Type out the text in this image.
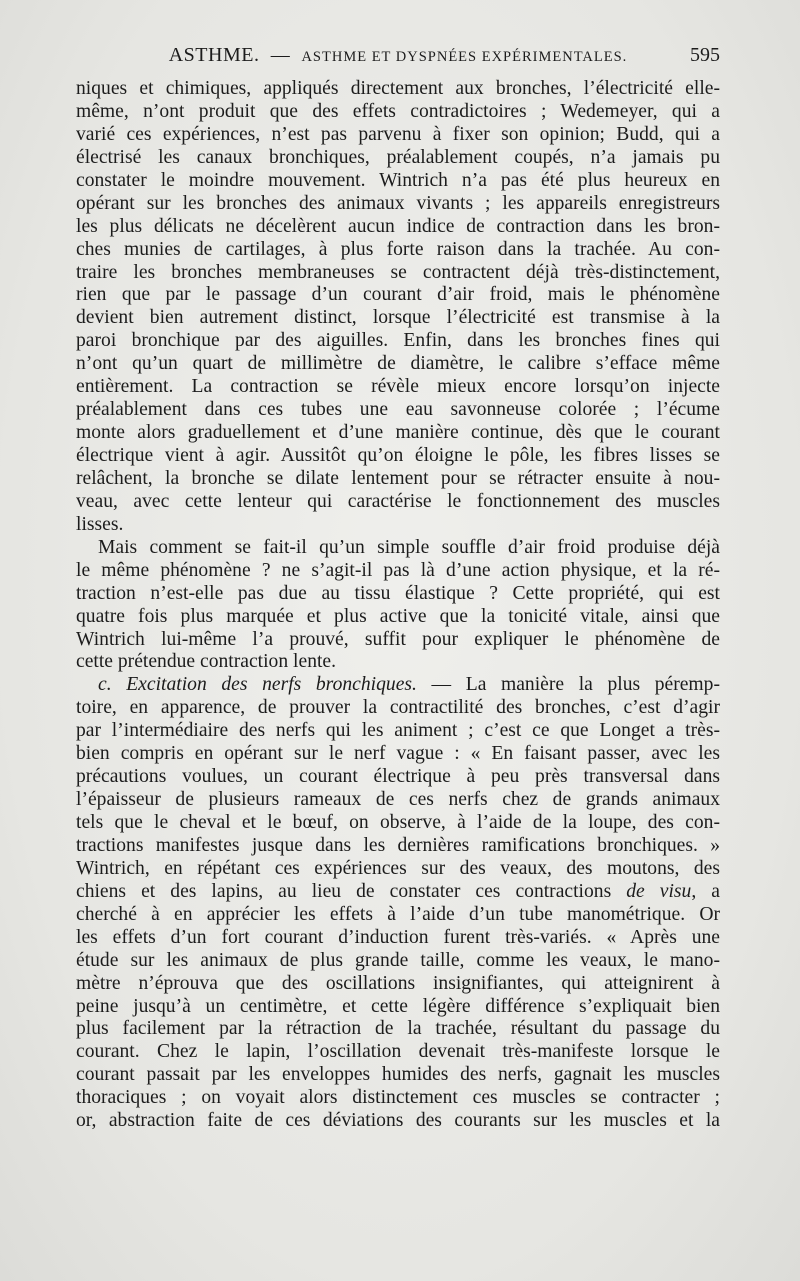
ASTHME. — ASTHME ET DYSPNÉES EXPÉRIMENTALES.	595
niques et chimiques, appliqués directement aux bronches, l’électricité elle-
même, n’ont produit que des effets contradictoires ; Wedemeyer, qui a
varié ces expériences, n’est pas parvenu à fixer son opinion; Budd, qui a
électrisé les canaux bronchiques, préalablement coupés, n’a jamais pu
constater le moindre mouvement. Wintrich n’a pas été plus heureux en
opérant sur les bronches des animaux vivants ; les appareils enregistreurs
les plus délicats ne décelèrent aucun indice de contraction dans les bron-
ches munies de cartilages, à plus forte raison dans la trachée. Au con-
traire les bronches membraneuses se contractent déjà très-distinctement,
rien que par le passage d’un courant d’air froid, mais le phénomène
devient bien autrement distinct, lorsque l’électricité est transmise à la
paroi bronchique par des aiguilles. Enfin, dans les bronches fines qui
n’ont qu’un quart de millimètre de diamètre, le calibre s’efface même
entièrement. La contraction se révèle mieux encore lorsqu’on injecte
préalablement dans ces tubes une eau savonneuse colorée ; l’écume
monte alors graduellement et d’une manière continue, dès que le courant
électrique vient à agir. Aussitôt qu’on éloigne le pôle, les fibres lisses se
relâchent, la bronche se dilate lentement pour se rétracter ensuite à nou-
veau, avec cette lenteur qui caractérise le fonctionnement des muscles
lisses.
Mais comment se fait-il qu’un simple souffle d’air froid produise déjà
le même phénomène ? ne s’agit-il pas là d’une action physique, et la ré-
traction n’est-elle pas due au tissu élastique ? Cette propriété, qui est
quatre fois plus marquée et plus active que la tonicité vitale, ainsi que
Wintrich lui-même l’a prouvé, suffit pour expliquer le phénomène de
cette prétendue contraction lente.
c. Excitation des nerfs bronchiques. — La manière la plus péremp-
toire, en apparence, de prouver la contractilité des bronches, c’est d’agir
par l’intermédiaire des nerfs qui les animent ; c’est ce que Longet a très-
bien compris en opérant sur le nerf vague : « En faisant passer, avec les
précautions voulues, un courant électrique à peu près transversal dans
l’épaisseur de plusieurs rameaux de ces nerfs chez de grands animaux
tels que le cheval et le bœuf, on observe, à l’aide de la loupe, des con-
tractions manifestes jusque dans les dernières ramifications bronchiques. »
Wintrich, en répétant ces expériences sur des veaux, des moutons, des
chiens et des lapins, au lieu de constater ces contractions de visu, a
cherché à en apprécier les effets à l’aide d’un tube manométrique. Or
les effets d’un fort courant d’induction furent très-variés. « Après une
étude sur les animaux de plus grande taille, comme les veaux, le mano-
mètre n’éprouva que des oscillations insignifiantes, qui atteignirent à
peine jusqu’à un centimètre, et cette légère différence s’expliquait bien
plus facilement par la rétraction de la trachée, résultant du passage du
courant. Chez le lapin, l’oscillation devenait très-manifeste lorsque le
courant passait par les enveloppes humides des nerfs, gagnait les muscles
thoraciques ; on voyait alors distinctement ces muscles se contracter ;
or, abstraction faite de ces déviations des courants sur les muscles et la
